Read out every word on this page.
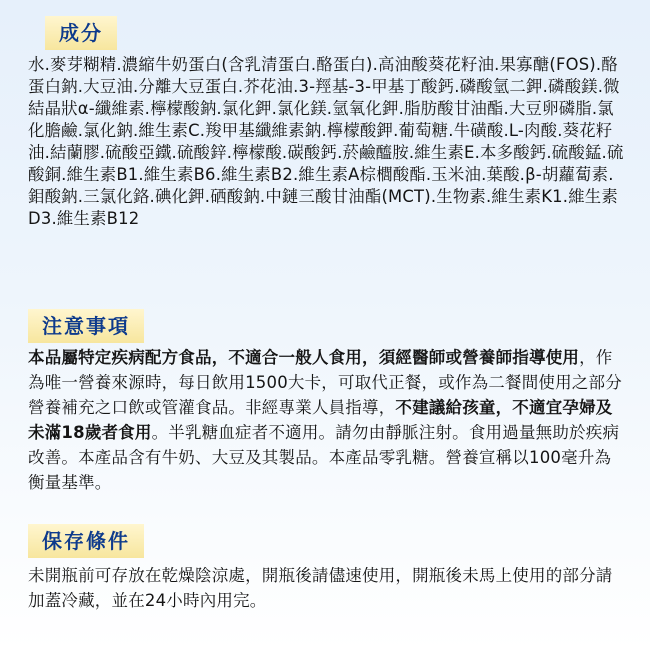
成分

水.麥芽糊精.濃縮牛奶蛋白(含乳清蛋白.酪蛋白).高油酸葵花籽油.果寡醣(FOS).酪蛋白鈉.大豆油.分離大豆蛋白.芥花油.3-羥基-3-甲基丁酸鈣.磷酸氫二鉀.磷酸鎂.微結晶狀α-纖維素.檸檬酸鈉.氯化鉀.氯化鎂.氫氧化鉀.脂肪酸甘油酯.大豆卵磷脂.氯化膽鹼.氯化鈉.維生素C.羧甲基纖維素鈉.檸檬酸鉀.葡萄糖.牛磺酸.L-肉酸.葵花籽油.結蘭膠.硫酸亞鐵.硫酸鋅.檸檬酸.碳酸鈣.菸鹼醯胺.維生素E.本多酸鈣.硫酸錳.硫酸銅.維生素B1.維生素B6.維生素B2.維生素A棕櫚酸酯.玉米油.葉酸.β-胡蘿蔔素.鉬酸鈉.三氯化鉻.碘化鉀.硒酸鈉.中鏈三酸甘油酯(MCT).生物素.維生素K1.維生素D3.維生素B12

注意事項

本品屬特定疾病配方食品，不適合一般人食用，須經醫師或營養師指導使用，作為唯一營養來源時，每日飲用1500大卡，可取代正餐，或作為二餐間使用之部分營養補充之口飲或管灌食品。非經專業人員指導，不建議給孩童，不適宜孕婦及未滿18歲者食用。半乳糖血症者不適用。請勿由靜脈注射。食用過量無助於疾病改善。本產品含有牛奶、大豆及其製品。本產品零乳糖。營養宣稱以100毫升為衡量基準。

保存條件

未開瓶前可存放在乾燥陰涼處，開瓶後請儘速使用，開瓶後未馬上使用的部分請加蓋冷藏，並在24小時內用完。
